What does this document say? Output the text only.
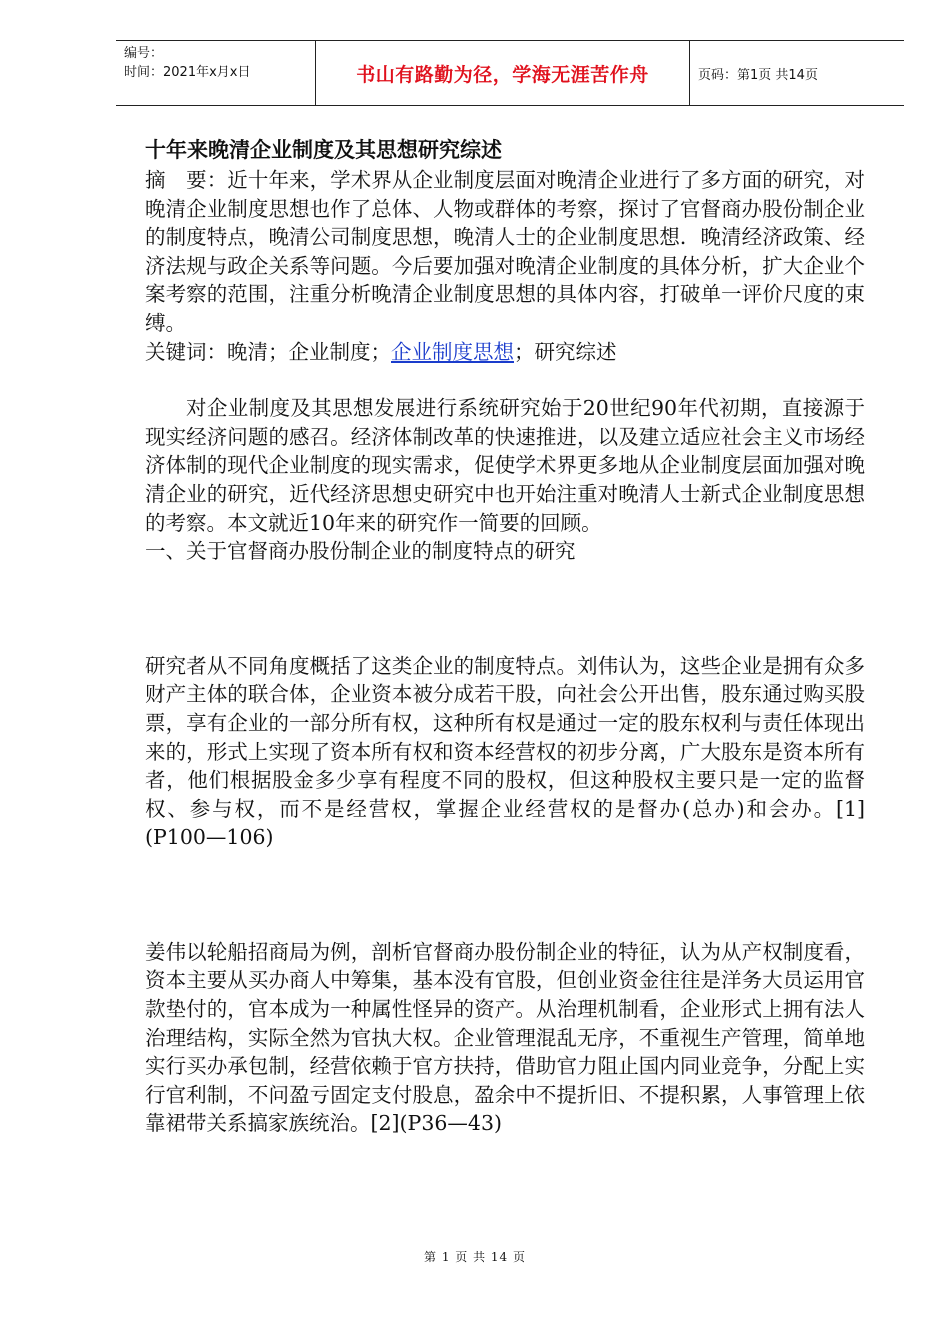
编号：
时间：2021年x月x日	书山有路勤为径，学海无涯苦作舟	页码：第1页 共14页
十年来晚清企业制度及其思想研究综述

摘　要：近十年来，学术界从企业制度层面对晚清企业进行了多方面的研究，对晚清企业制度思想也作了总体、人物或群体的考察，探讨了官督商办股份制企业的制度特点，晚清公司制度思想，晚清人士的企业制度思想．晚清经济政策、经济法规与政企关系等问题。今后要加强对晚清企业制度的具体分析，扩大企业个案考察的范围，注重分析晚清企业制度思想的具体内容，打破单一评价尺度的束缚。

关键词：晚清；企业制度；企业制度思想；研究综述

对企业制度及其思想发展进行系统研究始于20世纪90年代初期，直接源于现实经济问题的感召。经济体制改革的快速推进，以及建立适应社会主义市场经济体制的现代企业制度的现实需求，促使学术界更多地从企业制度层面加强对晚清企业的研究，近代经济思想史研究中也开始注重对晚清人士新式企业制度思想的考察。本文就近10年来的研究作一简要的回顾。

一、关于官督商办股份制企业的制度特点的研究

研究者从不同角度概括了这类企业的制度特点。刘伟认为，这些企业是拥有众多财产主体的联合体，企业资本被分成若干股，向社会公开出售，股东通过购买股票，享有企业的一部分所有权，这种所有权是通过一定的股东权利与责任体现出来的，形式上实现了资本所有权和资本经营权的初步分离，广大股东是资本所有者，他们根据股金多少享有程度不同的股权，但这种股权主要只是一定的监督权、参与权，而不是经营权，掌握企业经营权的是督办(总办)和会办。[1](P100—106)

姜伟以轮船招商局为例，剖析官督商办股份制企业的特征，认为从产权制度看，资本主要从买办商人中筹集，基本没有官股，但创业资金往往是洋务大员运用官款垫付的，官本成为一种属性怪异的资产。从治理机制看，企业形式上拥有法人治理结构，实际全然为官执大权。企业管理混乱无序，不重视生产管理，简单地实行买办承包制，经营依赖于官方扶持，借助官力阻止国内同业竞争，分配上实行官利制，不问盈亏固定支付股息，盈余中不提折旧、不提积累，人事管理上依靠裙带关系搞家族统治。[2](P36—43)

第 1 页 共 14 页
